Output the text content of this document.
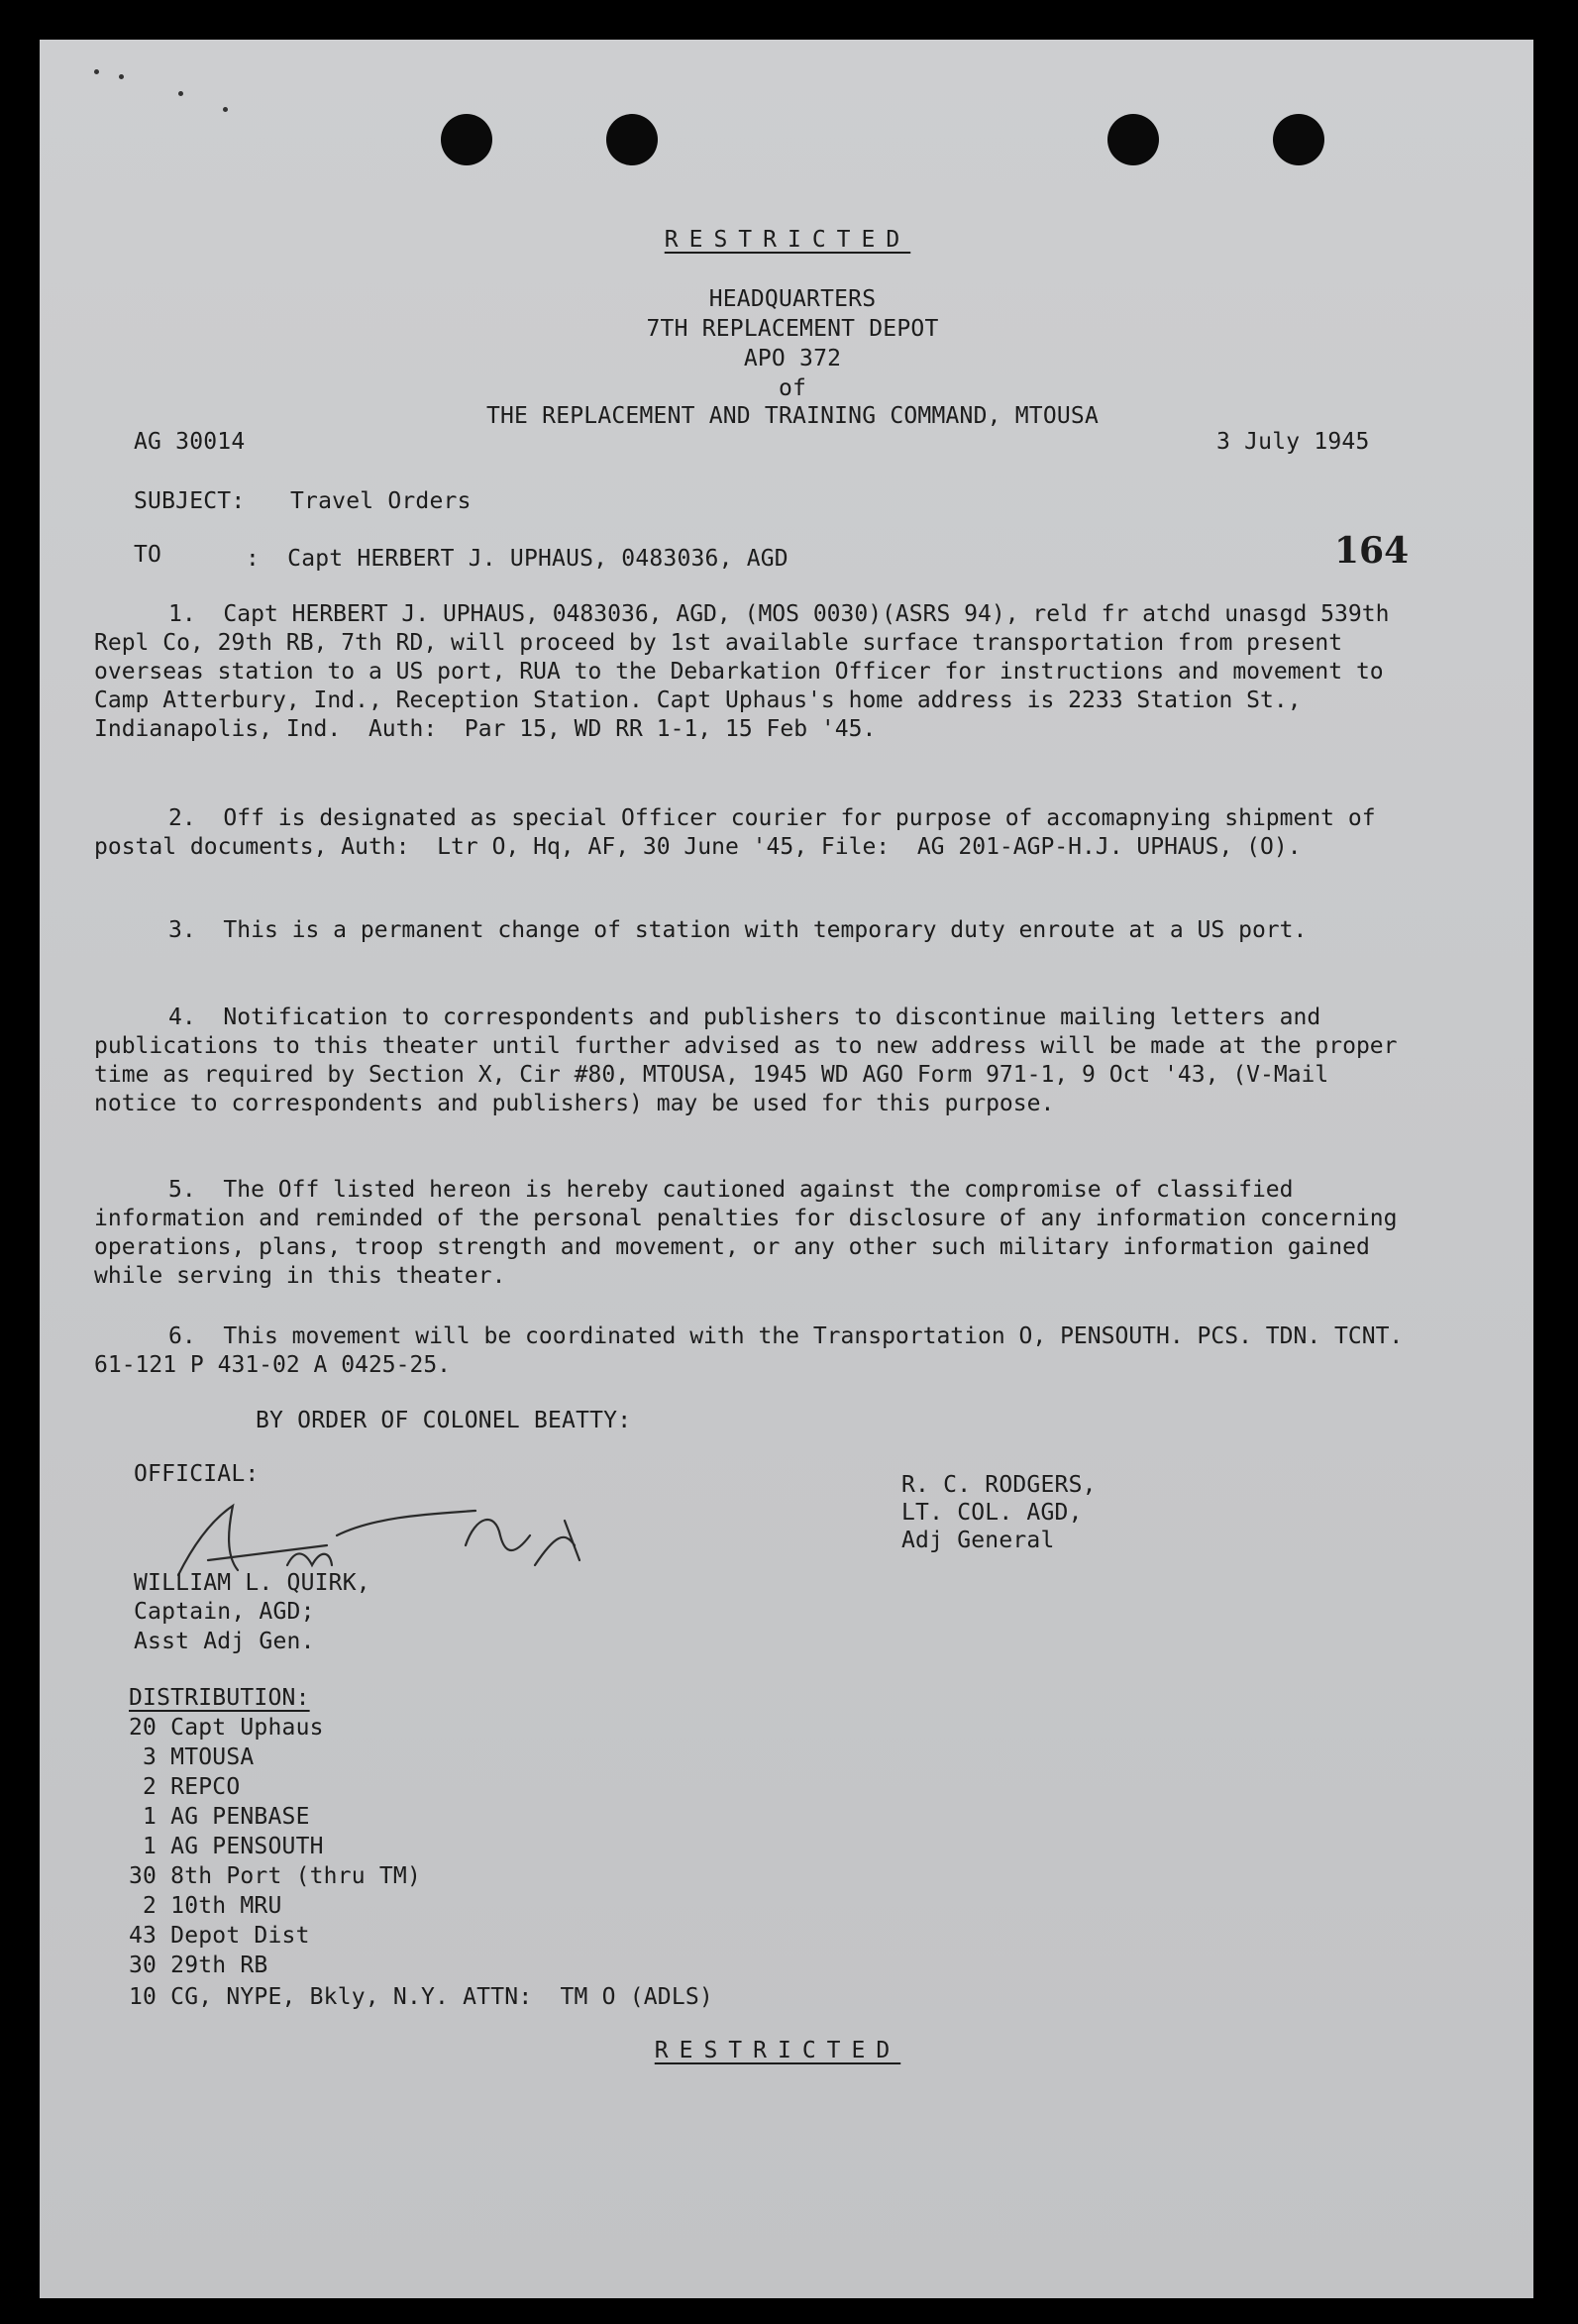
RESTRICTED
HEADQUARTERS
7TH REPLACEMENT DEPOT
APO 372
of
THE REPLACEMENT AND TRAINING COMMAND, MTOUSA
AG 30014	3 July 1945
SUBJECT: Travel Orders
TO	:  Capt HERBERT J. UPHAUS, 0483036, AGD	164

1. Capt HERBERT J. UPHAUS, 0483036, AGD, (MOS 0030)(ASRS 94), reld fr atchd unasgd 539th Repl Co, 29th RB, 7th RD, will proceed by 1st available surface transportation from present overseas station to a US port, RUA to the Debarkation Officer for instructions and movement to Camp Atterbury, Ind., Reception Station. Capt Uphaus's home address is 2233 Station St., Indianapolis, Ind.  Auth:  Par 15, WD RR 1-1, 15 Feb '45.

2. Off is designated as special Officer courier for purpose of accomapnying shipment of postal documents, Auth:  Ltr O, Hq, AF, 30 June '45, File:  AG 201-AGP-H.J. UPHAUS, (O).

3. This is a permanent change of station with temporary duty enroute at a US port.

4. Notification to correspondents and publishers to discontinue mailing letters and publications to this theater until further advised as to new address will be made at the proper time as required by Section X, Cir #80, MTOUSA, 1945 WD AGO Form 971-1, 9 Oct '43, (V-Mail notice to correspondents and publishers) may be used for this purpose.

5. The Off listed hereon is hereby cautioned against the compromise of classified information and reminded of the personal penalties for disclosure of any information concerning operations, plans, troop strength and movement, or any other such military information gained while serving in this theater.

6. This movement will be coordinated with the Transportation O, PENSOUTH. PCS. TDN. TCNT.  61-121 P 431-02 A 0425-25.

BY ORDER OF COLONEL BEATTY:
OFFICIAL:
WILLIAM L. QUIRK,
Captain, AGD;
Asst Adj Gen.
R. C. RODGERS,
LT. COL. AGD,
Adj General
DISTRIBUTION:
20 Capt Uphaus
3 MTOUSA
2 REPCO
1 AG PENBASE
1 AG PENSOUTH
30 8th Port (thru TM)
2 10th MRU
43 Depot Dist
30 29th RB
10 CG, NYPE, Bkly, N.Y. ATTN:  TM O (ADLS)
RESTRICTED
